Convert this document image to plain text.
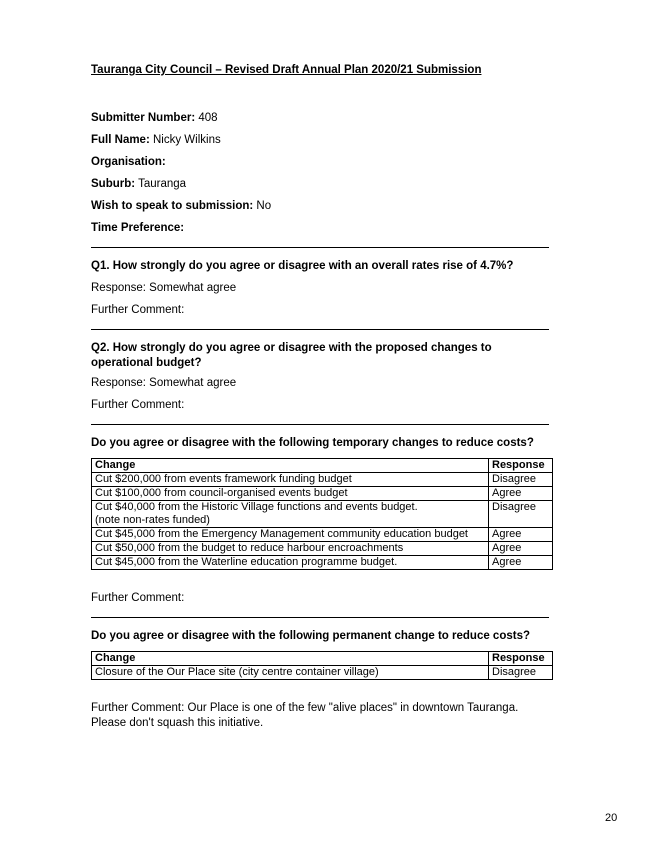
Tauranga City Council – Revised Draft Annual Plan 2020/21 Submission

Submitter Number: 408

Full Name: Nicky Wilkins

Organisation:

Suburb: Tauranga

Wish to speak to submission: No

Time Preference:

Q1. How strongly do you agree or disagree with an overall rates rise of 4.7%?

Response: Somewhat agree

Further Comment:

Q2. How strongly do you agree or disagree with the proposed changes to operational budget?

Response: Somewhat agree

Further Comment:

Do you agree or disagree with the following temporary changes to reduce costs?

Change	Response
Cut $200,000 from events framework funding budget	Disagree
Cut $100,000 from council-organised events budget	Agree
Cut $40,000 from the Historic Village functions and events budget.
(note non-rates funded)	Disagree
Cut $45,000 from the Emergency Management community education budget	Agree
Cut $50,000 from the budget to reduce harbour encroachments	Agree
Cut $45,000 from the Waterline education programme budget.	Agree

Further Comment:

Do you agree or disagree with the following permanent change to reduce costs?

Change	Response
Closure of the Our Place site (city centre container village)	Disagree

Further Comment: Our Place is one of the few "alive places" in downtown Tauranga. Please don't squash this initiative.

20
